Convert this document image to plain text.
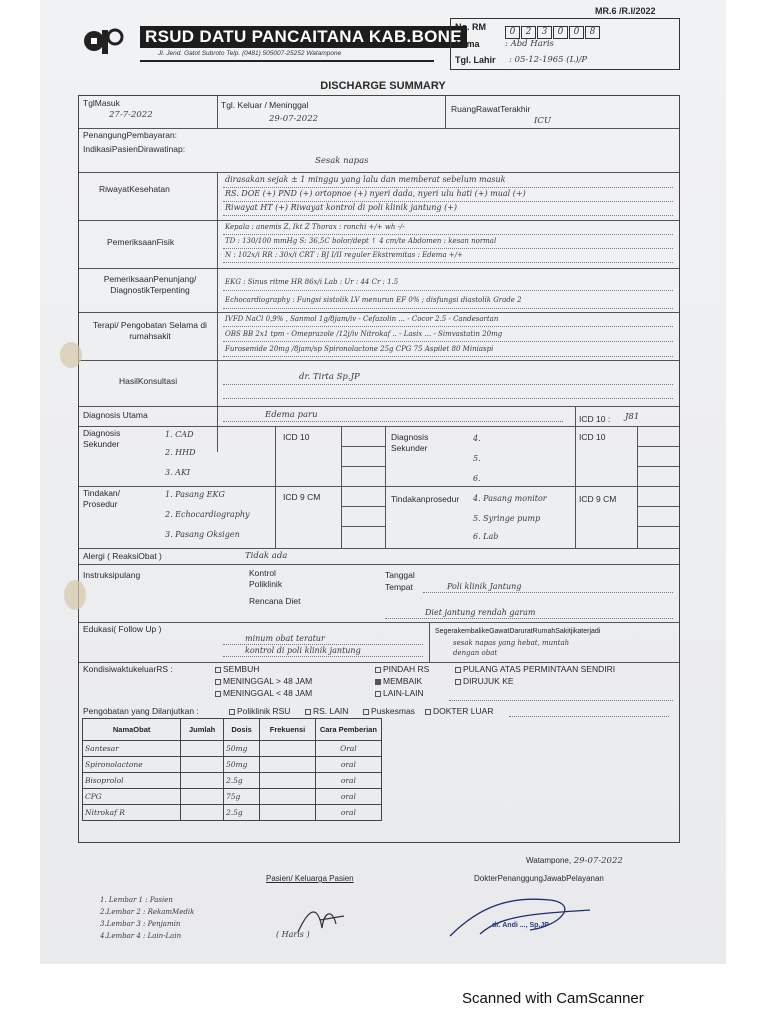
MR.6 /R.I/2022
RSUD DATU PANCAITANA KAB.BONE
Jl. Jend. Gatot Subroto Telp. (0481) 505007-25252 Watampone
No. RM	0 2 3 0 0 8
Nama	: Abd Haris
Tgl. Lahir : 05-12-1965 (L)/P
DISCHARGE SUMMARY
TglMasuk
27-7-2022
Tgl. Keluar / Meninggal
29-07-2022
RuangRawatTerakhir
ICU
PenangungPembayaran:
IndikasiPasienDirawatinap:
Sesak napas
RiwayatKesehatan
dirasakan sejak ± 1 minggu yang lalu dan memberat sebelum masuk
RS. DOE (+) PND (+) ortopnoe (+) nyeri dada, nyeri ulu hati (+) mual (+)
Riwayat HT (+) Riwayat kontrol di poli klinik jantung (+)
PemeriksaanFisik
Kepala : anemis Z, Ikt Z Thorax : ronchi +/+ wh -/-
TD : 130/100 mmHg S: 36,5C bolor/dept ↑ 4 cm/te Abdomen : kesan normal
N : 102x/i RR : 30x/i CRT : BJ I/II reguler Ekstremitas : Edema +/+
PemeriksaanPenunjang/ DiagnostikTerpenting
EKG : Sinus ritme HR 86x/i Lab : Ur : 44 Cr : 1.5
Echocardiography : Fungsi sistolik LV menurun EF 0% ; disfungsi diastolik Grade 2
Terapi/ Pengobatan Selama di rumahsakit
IVFD NaCl 0,9% , Sanmol 1g/8jam/iv - Cefazolin ... - Cocor 2.5 - Candesartan
OBS BB 2x1 tpm - Omeprazole /12j/iv Nitrokaf .. - Lasix ... - Simvastatin 20mg
Furosemide 20mg /8jam/sp Spironolactone 25g CPG 75 Aspilet 80 Miniaspi
HasilKonsultasi	dr. Tirta Sp.JP
Diagnosis Utama	Edema paru	ICD 10 : J81
Diagnosis Sekunder
1. CAD
2. HHD
3. AKI
ICD 10	Diagnosis Sekunder
4.
5.
6.
ICD 10
Tindakan/ Prosedur
1. Pasang EKG
2. Echocardiography
3. Pasang Oksigen
ICD 9 CM	Tindakanprosedur	4. Pasang monitor
5. Syringe pump
6. Lab
ICD 9 CM
Alergi ( ReaksiObat )	Tidak ada
Instruksipulang	Kontrol Poliklinik
Tanggal
Tempat	Poli klinik Jantung
Rencana Diet
Diet jantung rendah garam
Edukasi( Follow Up )
minum obat teratur
kontrol di poli klinik jantung
SegerakembalikeGawatDaruratRumahSakitjikaterjadi
sesak napas yang hebat, muntah
dengan obat
KondisiwaktukeluarRS :	SEMBUH
MENINGGAL > 48 JAM
MENINGGAL < 48 JAM
PINDAH RS
MEMBAIK
LAIN-LAIN
PULANG ATAS PERMINTAAN SENDIRI
DIRUJUK KE
Pengobatan yang Dilanjutkan :	Poliklinik RSU	RS. LAIN	Puskesmas	DOKTER LUAR
NamaObat	Jumlah	Dosis	Frekuensi	Cara Pemberian
Santesar		50mg		Oral
Spironolactone		50mg		oral
Bisoprolol		2.5g		oral
CPG		75g		oral
Nitrokaf R		2.5g		oral
Watampone, 29-07-2022
Pasien/ Keluarga Pasien	DokterPenanggungJawabPelayanan
( Haris )
dr. Andi ..., Sp.JP
1. Lembar 1 : Pasien
2.Lembar 2 : RekamMedik
3.Lembar 3 : Penjamin
4.Lembar 4 : Lain-Lain
Scanned with CamScanner
